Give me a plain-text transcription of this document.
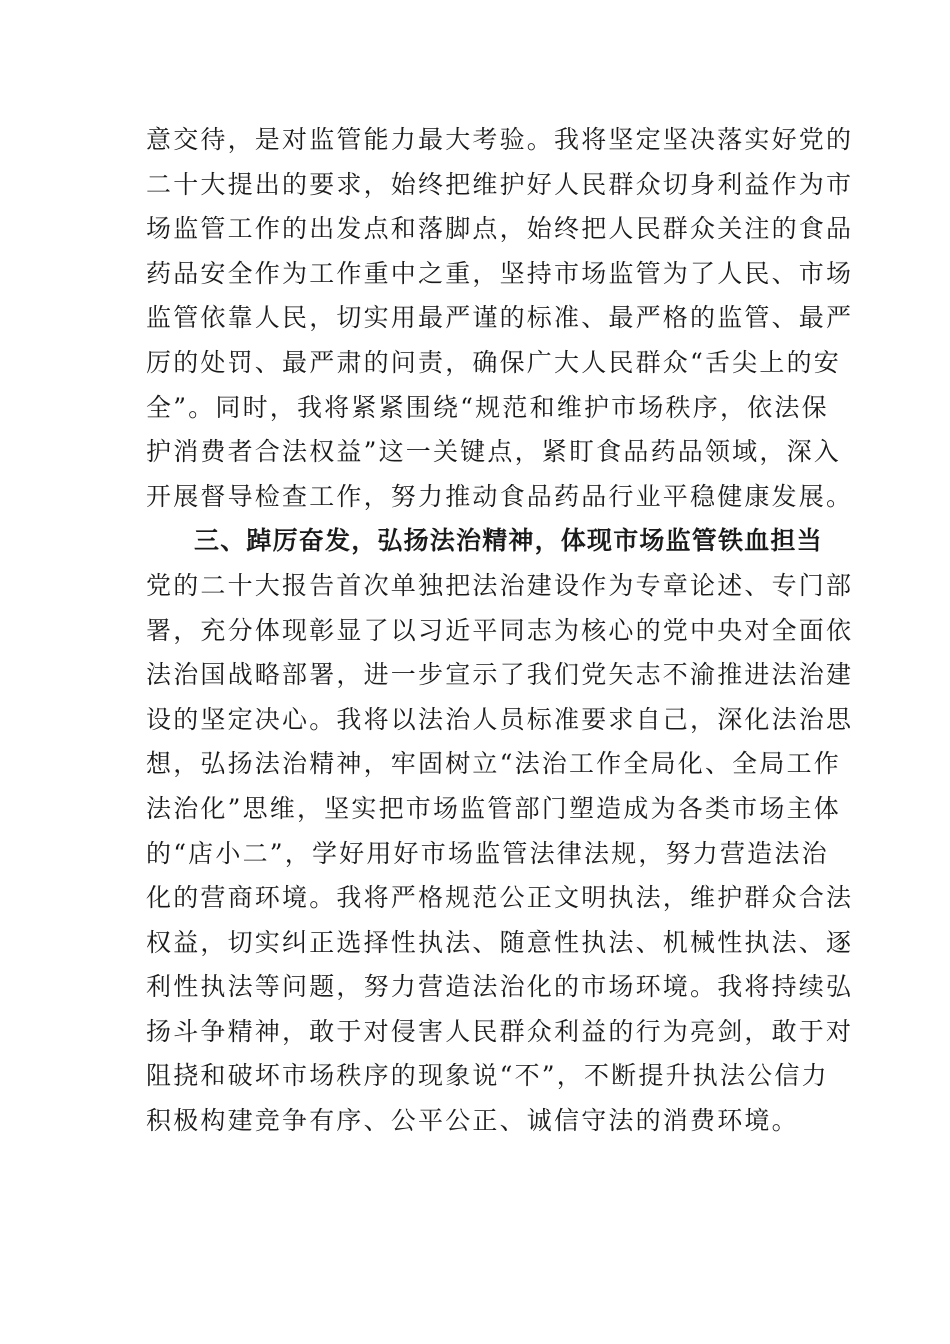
意交待，是对监管能力最大考验。我将坚定坚决落实好党的
二十大提出的要求，始终把维护好人民群众切身利益作为市
场监管工作的出发点和落脚点，始终把人民群众关注的食品
药品安全作为工作重中之重，坚持市场监管为了人民、市场
监管依靠人民，切实用最严谨的标准、最严格的监管、最严
厉的处罚、最严肃的问责，确保广大人民群众“舌尖上的安
全”。同时，我将紧紧围绕“规范和维护市场秩序，依法保
护消费者合法权益”这一关键点，紧盯食品药品领域，深入
开展督导检查工作，努力推动食品药品行业平稳健康发展。
三、踔厉奋发，弘扬法治精神，体现市场监管铁血担当
党的二十大报告首次单独把法治建设作为专章论述、专门部
署，充分体现彰显了以习近平同志为核心的党中央对全面依
法治国战略部署，进一步宣示了我们党矢志不渝推进法治建
设的坚定决心。我将以法治人员标准要求自己，深化法治思
想，弘扬法治精神，牢固树立“法治工作全局化、全局工作
法治化”思维，坚实把市场监管部门塑造成为各类市场主体
的“店小二”，学好用好市场监管法律法规，努力营造法治
化的营商环境。我将严格规范公正文明执法，维护群众合法
权益，切实纠正选择性执法、随意性执法、机械性执法、逐
利性执法等问题，努力营造法治化的市场环境。我将持续弘
扬斗争精神，敢于对侵害人民群众利益的行为亮剑，敢于对
阻挠和破坏市场秩序的现象说“不”，不断提升执法公信力
积极构建竞争有序、公平公正、诚信守法的消费环境。
